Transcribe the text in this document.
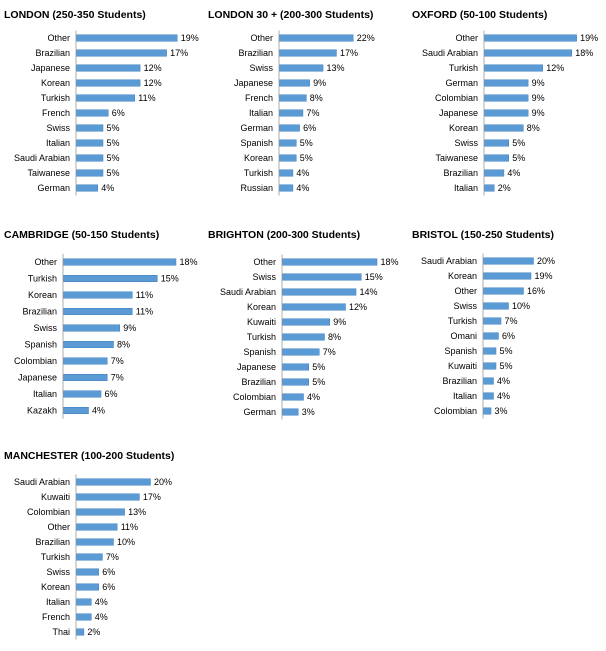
LONDON (250-350 Students)
Other	19%
Brazilian	17%
Japanese	12%
Korean	12%
Turkish	11%
French	6%
Swiss	5%
Italian	5%
Saudi Arabian	5%
Taiwanese	5%
German	4%
LONDON 30 + (200-300 Students)
Other	22%
Brazilian	17%
Swiss	13%
Japanese	9%
French	8%
Italian	7%
German	6%
Spanish	5%
Korean	5%
Turkish	4%
Russian	4%
OXFORD (50-100 Students)
Other	19%
Saudi Arabian	18%
Turkish	12%
German	9%
Colombian	9%
Japanese	9%
Korean	8%
Swiss	5%
Taiwanese	5%
Brazilian	4%
Italian 2%
CAMBRIDGE (50-150 Students)
Other	18%
Turkish	15%
Korean	11%
Brazilian	11%
Swiss	9%
Spanish	8%
Colombian	7%
Japanese	7%
Italian	6%
Kazakh	4%
BRIGHTON (200-300 Students)
Other	18%
Swiss	15%
Saudi Arabian	14%
Korean	12%
Kuwaiti	9%
Turkish	8%
Spanish	7%
Japanese	5%
Brazilian	5%
Colombian	4%
German	3%
BRISTOL (150-250 Students)
Saudi Arabian	20%
Korean	19%
Other	16%
Swiss	10%
Turkish	7%
Omani	6%
Spanish	5%
Kuwaiti	5%
Brazilian 4%
Italian 4%
Colombian 3%
MANCHESTER (100-200 Students)
Saudi Arabian	20%
Kuwaiti	17%
Colombian	13%
Other	11%
Brazilian	10%
Turkish	7%
Swiss	6%
Korean	6%
Italian	4%
French	4%
Thai 2%
